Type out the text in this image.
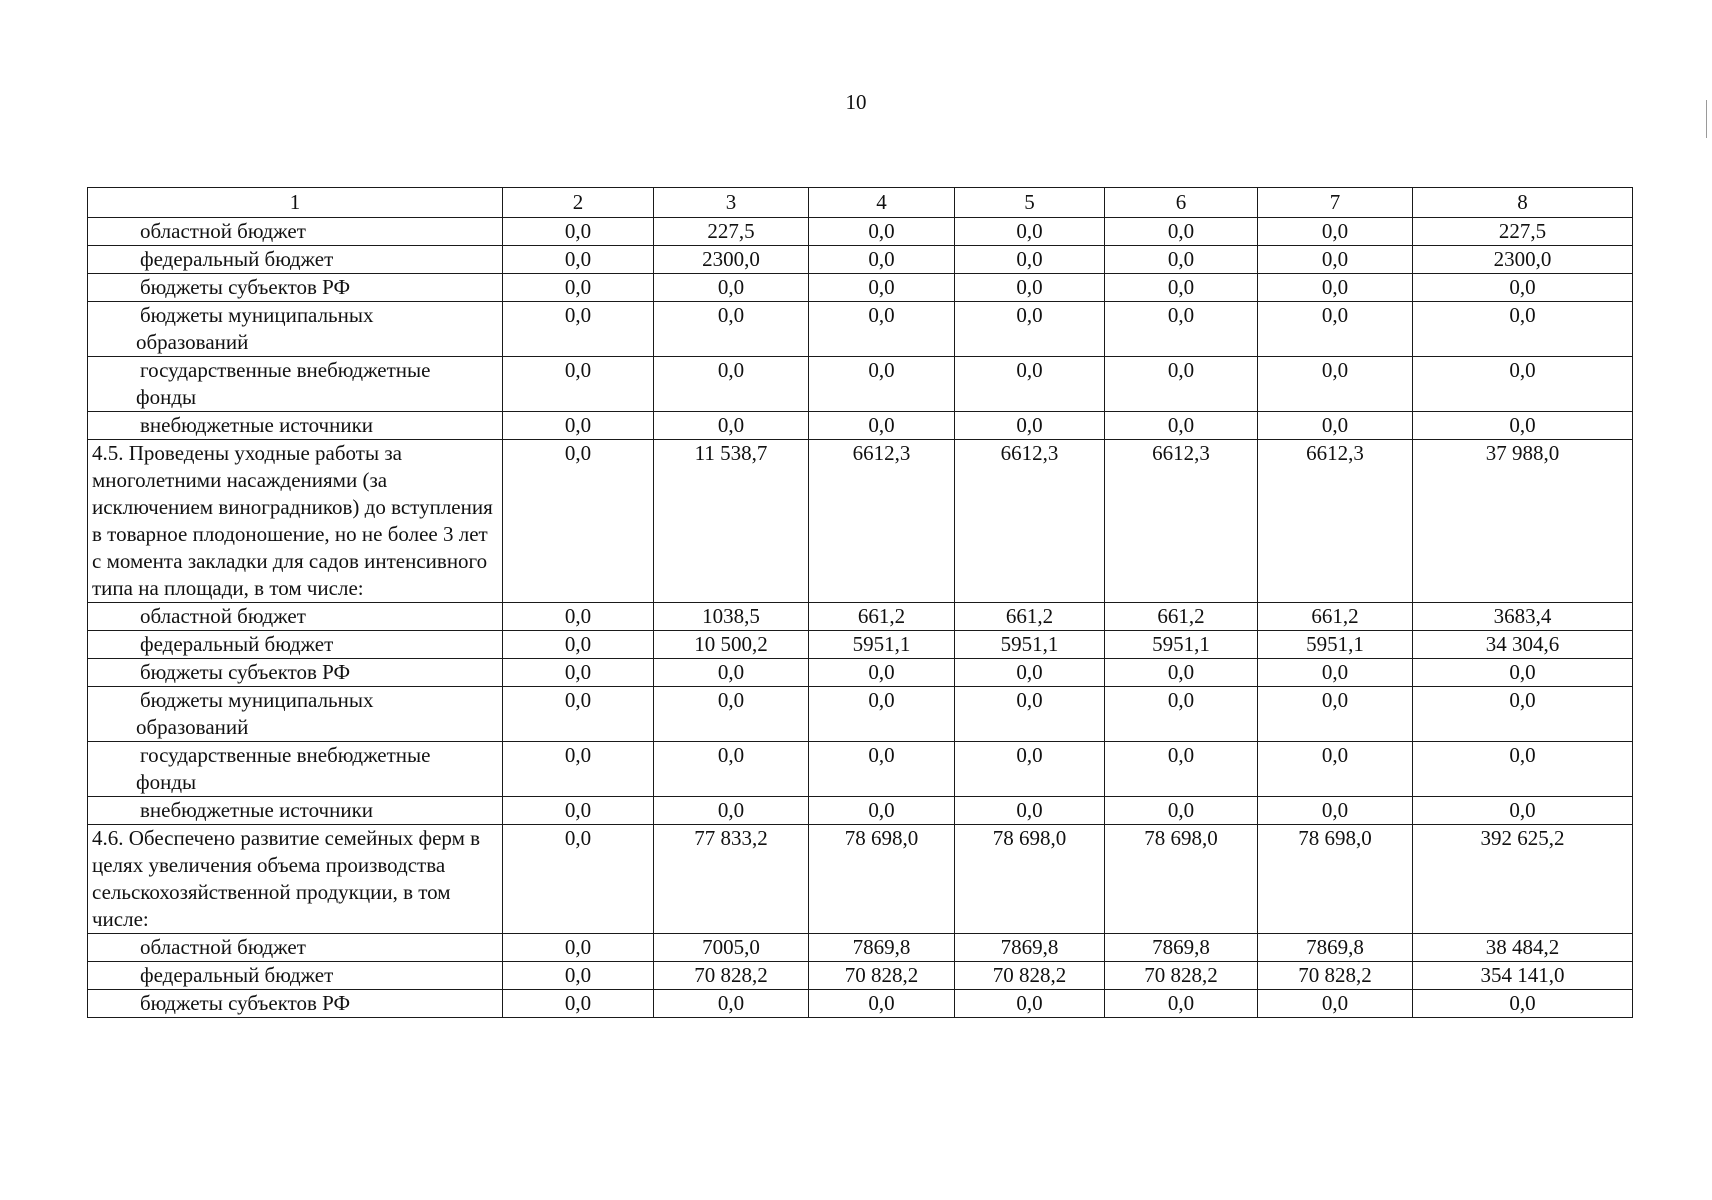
10
1	2	3	4	5	6	7	8
областной бюджет	0,0	227,5	0,0	0,0	0,0	0,0	227,5
федеральный бюджет	0,0	2300,0	0,0	0,0	0,0	0,0	2300,0
бюджеты субъектов РФ	0,0	0,0	0,0	0,0	0,0	0,0	0,0
бюджеты муниципальных
образований	0,0	0,0	0,0	0,0	0,0	0,0	0,0
государственные внебюджетные
фонды	0,0	0,0	0,0	0,0	0,0	0,0	0,0
внебюджетные источники	0,0	0,0	0,0	0,0	0,0	0,0	0,0
4.5. Проведены уходные работы за многолетними насаждениями (за исключением виноградников) до вступления в товарное плодоношение, но не более 3 лет с момента закладки для садов интенсивного типа на площади, в том числе:	0,0	11 538,7	6612,3	6612,3	6612,3	6612,3	37 988,0
областной бюджет	0,0	1038,5	661,2	661,2	661,2	661,2	3683,4
федеральный бюджет	0,0	10 500,2	5951,1	5951,1	5951,1	5951,1	34 304,6
бюджеты субъектов РФ	0,0	0,0	0,0	0,0	0,0	0,0	0,0
бюджеты муниципальных
образований	0,0	0,0	0,0	0,0	0,0	0,0	0,0
государственные внебюджетные
фонды	0,0	0,0	0,0	0,0	0,0	0,0	0,0
внебюджетные источники	0,0	0,0	0,0	0,0	0,0	0,0	0,0
4.6. Обеспечено развитие семейных ферм в целях увеличения объема производства сельскохозяйственной продукции, в том числе:	0,0	77 833,2	78 698,0	78 698,0	78 698,0	78 698,0	392 625,2
областной бюджет	0,0	7005,0	7869,8	7869,8	7869,8	7869,8	38 484,2
федеральный бюджет	0,0	70 828,2	70 828,2	70 828,2	70 828,2	70 828,2	354 141,0
бюджеты субъектов РФ	0,0	0,0	0,0	0,0	0,0	0,0	0,0
